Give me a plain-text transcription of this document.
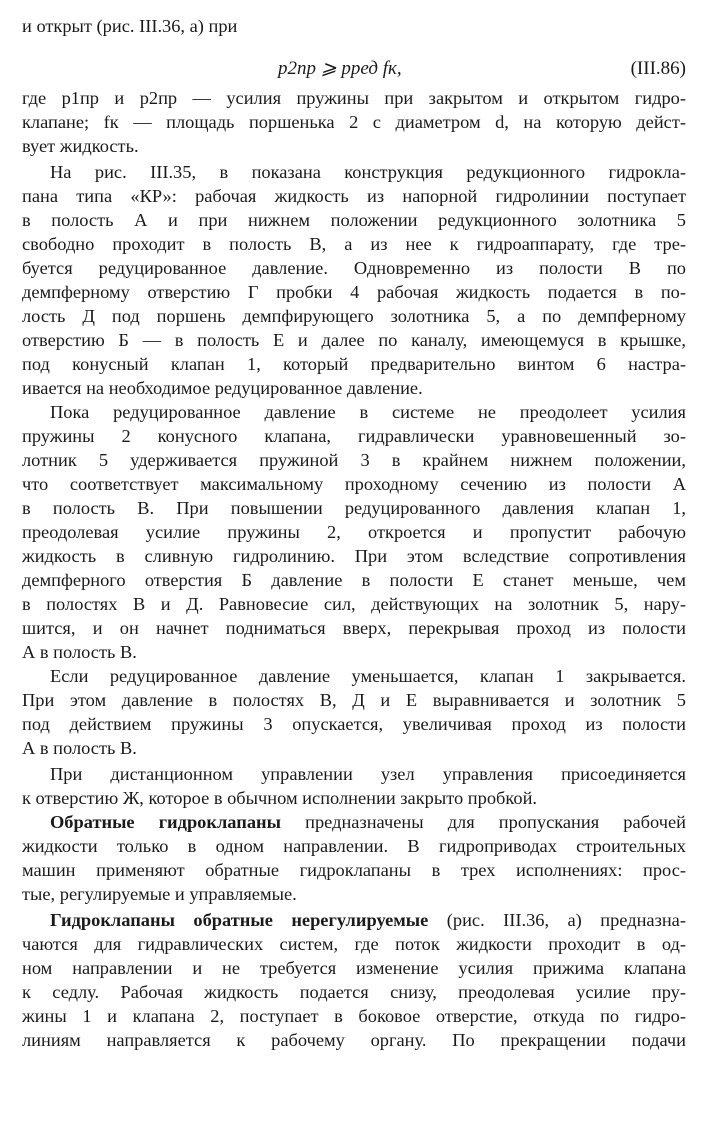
и открыт (рис. III.36, а) при
p2пр ⩾ pред fк,	(III.86)
где p1пр и p2пр — усилия пружины при закрытом и открытом гидро-
клапане; fк — площадь поршенька 2 с диаметром d, на которую дейст-
вует жидкость.
На рис. III.35, в показана конструкция редукционного гидрокла-
пана типа «КР»: рабочая жидкость из напорной гидролинии поступает
в полость А и при нижнем положении редукционного золотника 5
свободно проходит в полость В, а из нее к гидроаппарату, где тре-
буется редуцированное давление. Одновременно из полости В по
демпферному отверстию Г пробки 4 рабочая жидкость подается в по-
лость Д под поршень демпфирующего золотника 5, а по демпферному
отверстию Б — в полость Е и далее по каналу, имеющемуся в крышке,
под конусный клапан 1, который предварительно винтом 6 настра-
ивается на необходимое редуцированное давление.
Пока редуцированное давление в системе не преодолеет усилия
пружины 2 конусного клапана, гидравлически уравновешенный зо-
лотник 5 удерживается пружиной 3 в крайнем нижнем положении,
что соответствует максимальному проходному сечению из полости А
в полость В. При повышении редуцированного давления клапан 1,
преодолевая усилие пружины 2, откроется и пропустит рабочую
жидкость в сливную гидролинию. При этом вследствие сопротивления
демпферного отверстия Б давление в полости Е станет меньше, чем
в полостях В и Д. Равновесие сил, действующих на золотник 5, нару-
шится, и он начнет подниматься вверх, перекрывая проход из полости
А в полость В.
Если редуцированное давление уменьшается, клапан 1 закрывается.
При этом давление в полостях В, Д и Е выравнивается и золотник 5
под действием пружины 3 опускается, увеличивая проход из полости
А в полость В.
При дистанционном управлении узел управления присоединяется
к отверстию Ж, которое в обычном исполнении закрыто пробкой.
Обратные гидроклапаны предназначены для пропускания рабочей
жидкости только в одном направлении. В гидроприводах строительных
машин применяют обратные гидроклапаны в трех исполнениях: прос-
тые, регулируемые и управляемые.
Гидроклапаны обратные нерегулируемые (рис. III.36, а) предназна-
чаются для гидравлических систем, где поток жидкости проходит в од-
ном направлении и не требуется изменение усилия прижима клапана
к седлу. Рабочая жидкость подается снизу, преодолевая усилие пру-
жины 1 и клапана 2, поступает в боковое отверстие, откуда по гидро-
линиям направляется к рабочему органу. По прекращении подачи
